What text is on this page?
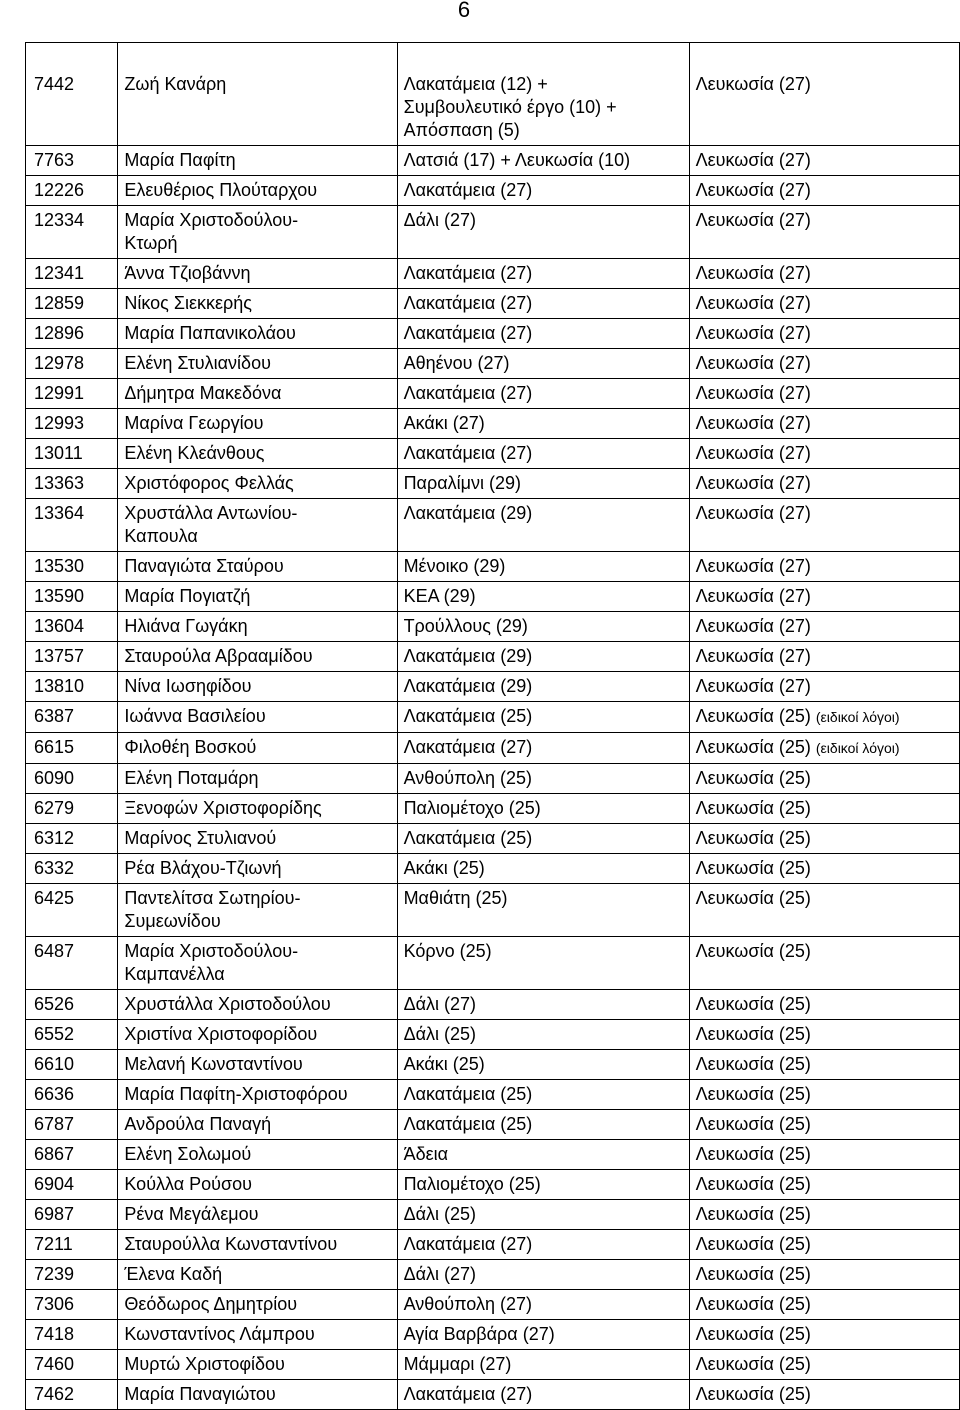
6
7442	Ζωή Κανάρη	Λακατάμεια (12) + Συμβουλευτικό έργο (10) + Απόσπαση (5)	Λευκωσία (27)
7763	Μαρία Παφίτη	Λατσιά (17) + Λευκωσία (10)	Λευκωσία (27)
12226	Ελευθέριος Πλούταρχου	Λακατάμεια (27)	Λευκωσία (27)
12334	Μαρία Χριστοδούλου-Κτωρή	Δάλι (27)	Λευκωσία (27)
12341	Άννα Τζιοβάννη	Λακατάμεια (27)	Λευκωσία (27)
12859	Νίκος Σιεκκερής	Λακατάμεια (27)	Λευκωσία (27)
12896	Μαρία Παπανικολάου	Λακατάμεια (27)	Λευκωσία (27)
12978	Ελένη Στυλιανίδου	Αθηένου (27)	Λευκωσία (27)
12991	Δήμητρα Μακεδόνα	Λακατάμεια (27)	Λευκωσία (27)
12993	Μαρίνα Γεωργίου	Ακάκι (27)	Λευκωσία (27)
13011	Ελένη Κλεάνθους	Λακατάμεια (27)	Λευκωσία (27)
13363	Χριστόφορος Φελλάς	Παραλίμνι (29)	Λευκωσία (27)
13364	Χρυστάλλα Αντωνίου-Καπουλα	Λακατάμεια (29)	Λευκωσία (27)
13530	Παναγιώτα Σταύρου	Μένοικο (29)	Λευκωσία (27)
13590	Μαρία Πογιατζή	ΚΕΑ (29)	Λευκωσία (27)
13604	Ηλιάνα Γωγάκη	Τρούλλους (29)	Λευκωσία (27)
13757	Σταυρούλα Αβρααμίδου	Λακατάμεια (29)	Λευκωσία (27)
13810	Νίνα Ιωσηφίδου	Λακατάμεια (29)	Λευκωσία (27)
6387	Ιωάννα Βασιλείου	Λακατάμεια (25)	Λευκωσία (25) (ειδικοί λόγοι)
6615	Φιλοθέη Βοσκού	Λακατάμεια (27)	Λευκωσία (25) (ειδικοί λόγοι)
6090	Ελένη Ποταμάρη	Ανθούπολη (25)	Λευκωσία (25)
6279	Ξενοφών Χριστοφορίδης	Παλιομέτοχο (25)	Λευκωσία (25)
6312	Μαρίνος Στυλιανού	Λακατάμεια (25)	Λευκωσία (25)
6332	Ρέα Βλάχου-Τζιωνή	Ακάκι (25)	Λευκωσία (25)
6425	Παντελίτσα Σωτηρίου-Συμεωνίδου	Μαθιάτη (25)	Λευκωσία (25)
6487	Μαρία Χριστοδούλου-Καμπανέλλα	Κόρνο (25)	Λευκωσία (25)
6526	Χρυστάλλα Χριστοδούλου	Δάλι (27)	Λευκωσία (25)
6552	Χριστίνα Χριστοφορίδου	Δάλι (25)	Λευκωσία (25)
6610	Μελανή Κωνσταντίνου	Ακάκι (25)	Λευκωσία (25)
6636	Μαρία Παφίτη-Χριστοφόρου	Λακατάμεια (25)	Λευκωσία (25)
6787	Ανδρούλα Παναγή	Λακατάμεια (25)	Λευκωσία (25)
6867	Ελένη Σολωμού	Άδεια	Λευκωσία (25)
6904	Κούλλα Ρούσου	Παλιομέτοχο (25)	Λευκωσία (25)
6987	Ρένα Μεγάλεμου	Δάλι (25)	Λευκωσία (25)
7211	Σταυρούλλα Κωνσταντίνου	Λακατάμεια (27)	Λευκωσία (25)
7239	Έλενα Καδή	Δάλι (27)	Λευκωσία (25)
7306	Θεόδωρος Δημητρίου	Ανθούπολη (27)	Λευκωσία (25)
7418	Κωνσταντίνος Λάμπρου	Αγία Βαρβάρα (27)	Λευκωσία (25)
7460	Μυρτώ Χριστοφίδου	Μάμμαρι (27)	Λευκωσία (25)
7462	Μαρία Παναγιώτου	Λακατάμεια (27)	Λευκωσία (25)
